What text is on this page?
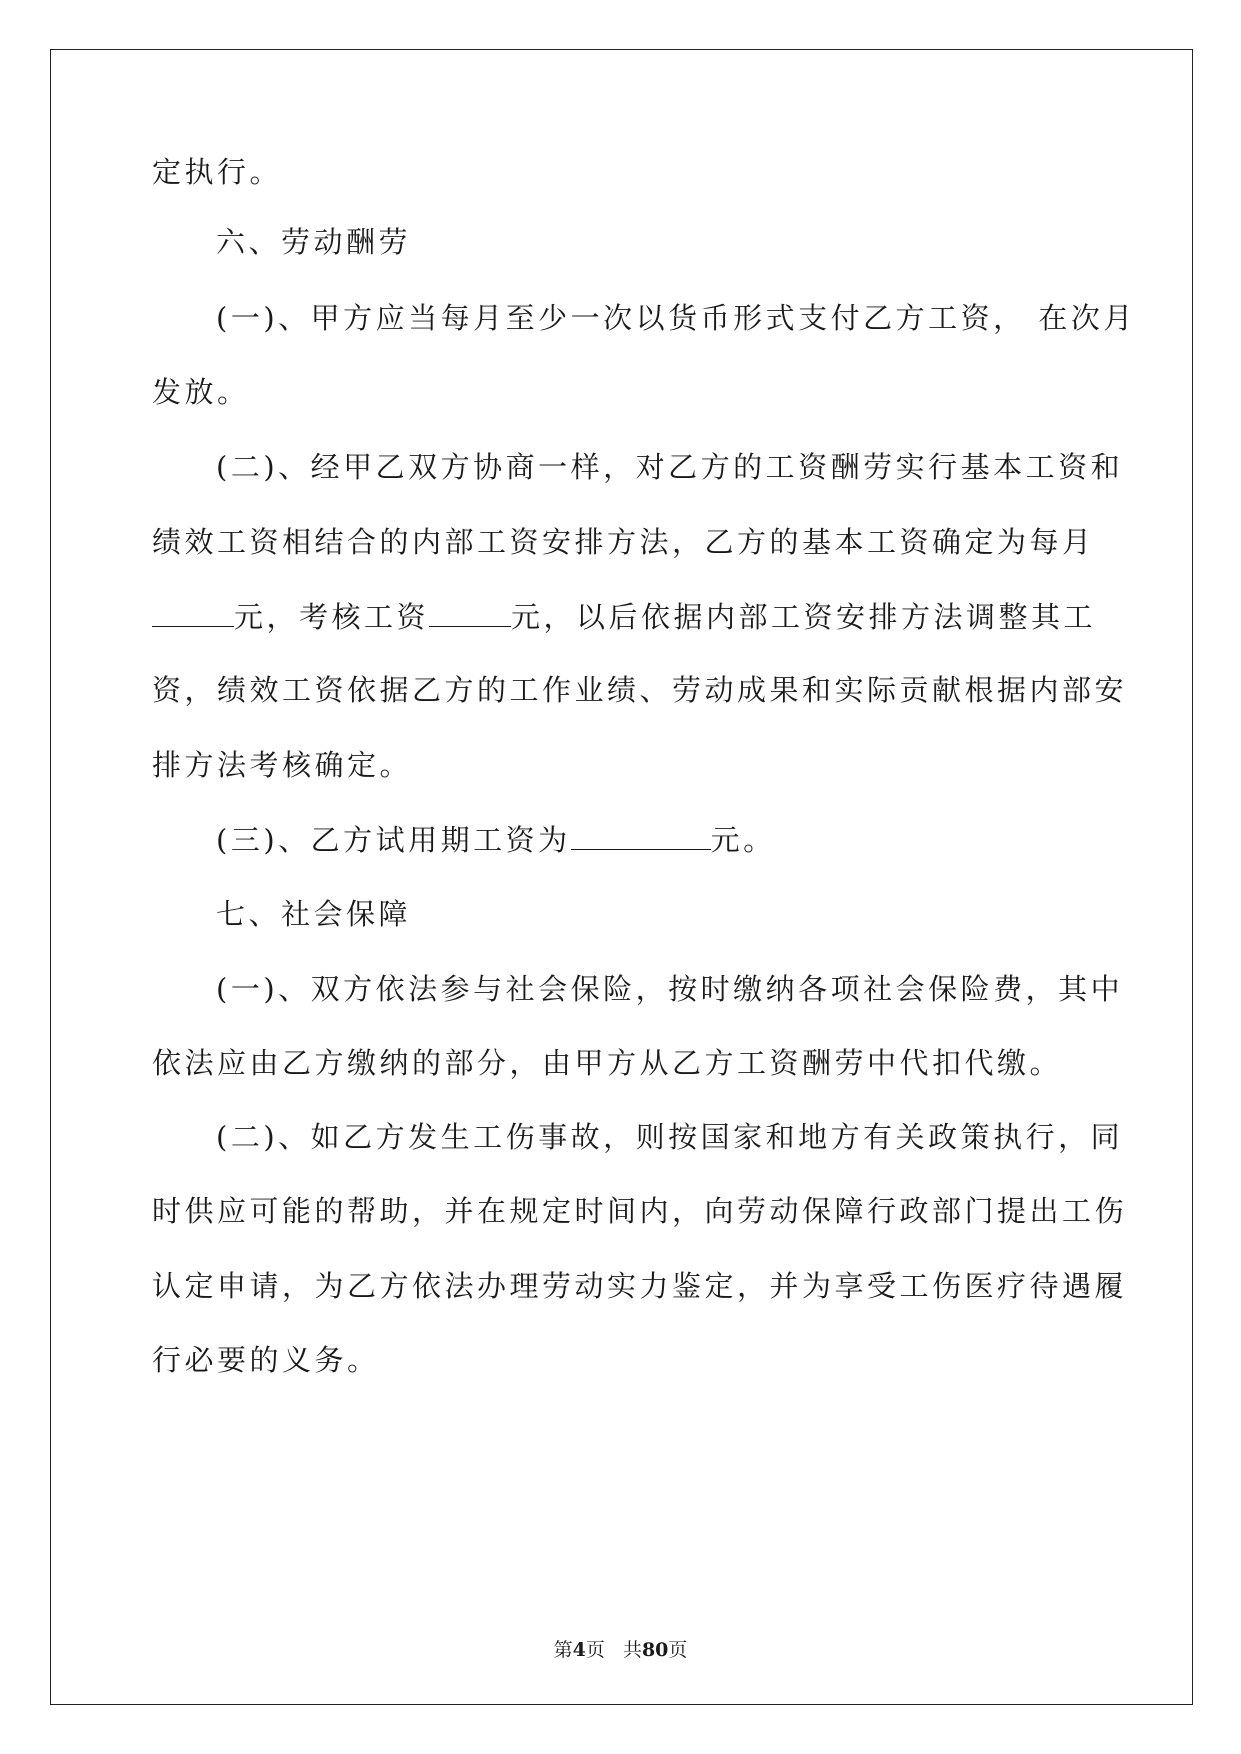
定执行。
六、劳动酬劳
(一)、甲方应当每月至少一次以货币形式支付乙方工资， 在次月
发放。
(二)、经甲乙双方协商一样，对乙方的工资酬劳实行基本工资和
绩效工资相结合的内部工资安排方法，乙方的基本工资确定为每月
元，考核工资	元，以后依据内部工资安排方法调整其工
资，绩效工资依据乙方的工作业绩、劳动成果和实际贡献根据内部安
排方法考核确定。
(三)、乙方试用期工资为	元。
七、社会保障
(一)、双方依法参与社会保险，按时缴纳各项社会保险费，其中
依法应由乙方缴纳的部分，由甲方从乙方工资酬劳中代扣代缴。
(二)、如乙方发生工伤事故，则按国家和地方有关政策执行，同
时供应可能的帮助，并在规定时间内，向劳动保障行政部门提出工伤
认定申请，为乙方依法办理劳动实力鉴定，并为享受工伤医疗待遇履
行必要的义务。
第4页   共80页
